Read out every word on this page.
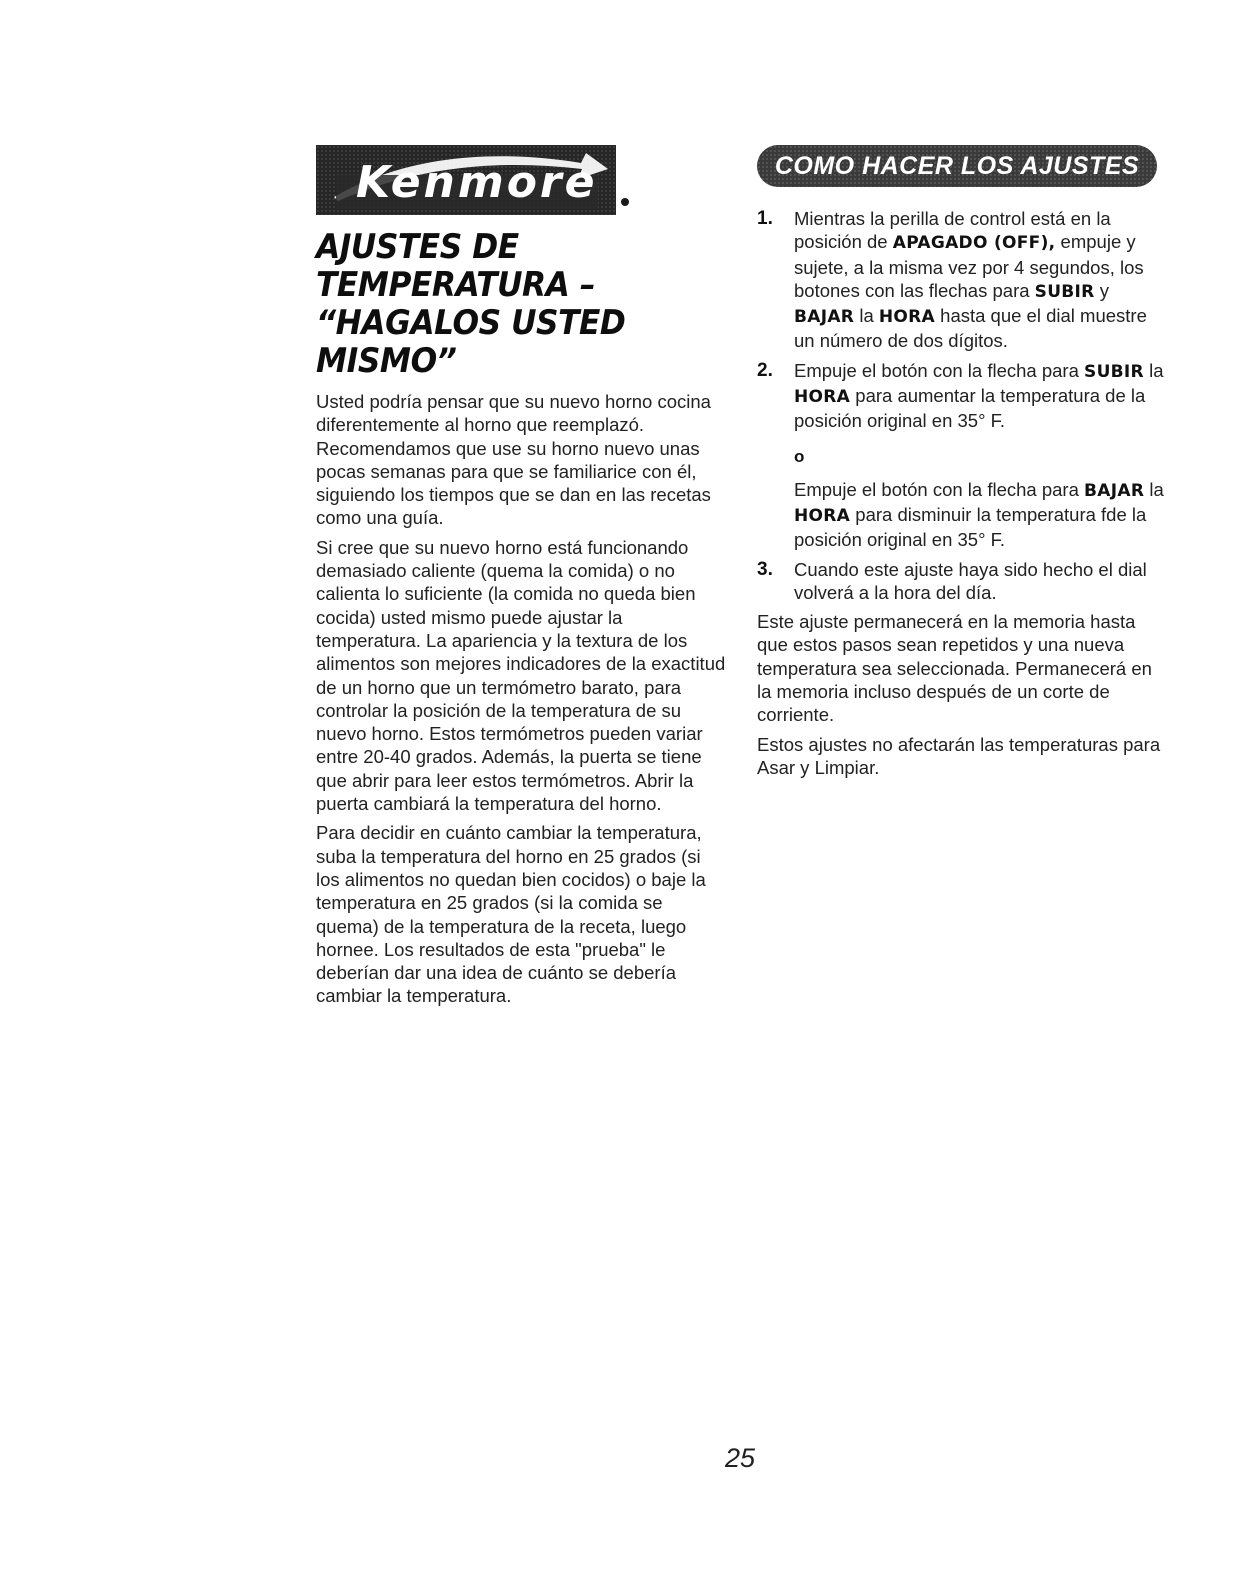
Kenmore
AJUSTES DE
TEMPERATURA –
“HAGALOS USTED MISMO”

Usted podría pensar que su nuevo horno cocina diferentemente al horno que reemplazó. Recomendamos que use su horno nuevo unas pocas semanas para que se familiarice con él, siguiendo los tiempos que se dan en las recetas como una guía.

Si cree que su nuevo horno está funcionando demasiado caliente (quema la comida) o no calienta lo suficiente (la comida no queda bien cocida) usted mismo puede ajustar la temperatura. La apariencia y la textura de los alimentos son mejores indicadores de la exactitud de un horno que un termómetro barato, para controlar la posición de la temperatura de su nuevo horno. Estos termómetros pueden variar entre 20-40 grados. Además, la puerta se tiene que abrir para leer estos termómetros. Abrir la puerta cambiará la temperatura del horno.

Para decidir en cuánto cambiar la temperatura, suba la temperatura del horno en 25 grados (si los alimentos no quedan bien cocidos) o baje la temperatura en 25 grados (si la comida se quema) de la temperatura de la receta, luego hornee. Los resultados de esta "prueba" le deberían dar una idea de cuánto se debería cambiar la temperatura.

COMO HACER LOS AJUSTES
1. Mientras la perilla de control está en la posición de APAGADO (OFF), empuje y sujete, a la misma vez por 4 segundos, los botones con las flechas para SUBIR y BAJAR la HORA hasta que el dial muestre un número de dos dígitos.

2. Empuje el botón con la flecha para SUBIR la HORA para aumentar la temperatura de la posición original en 35° F.

o

Empuje el botón con la flecha para BAJAR la HORA para disminuir la temperatura fde la posición original en 35° F.

3. Cuando este ajuste haya sido hecho el dial volverá a la hora del día.

Este ajuste permanecerá en la memoria hasta que estos pasos sean repetidos y una nueva temperatura sea seleccionada. Permanecerá en la memoria incluso después de un corte de corriente.

Estos ajustes no afectarán las temperaturas para Asar y Limpiar.

25
